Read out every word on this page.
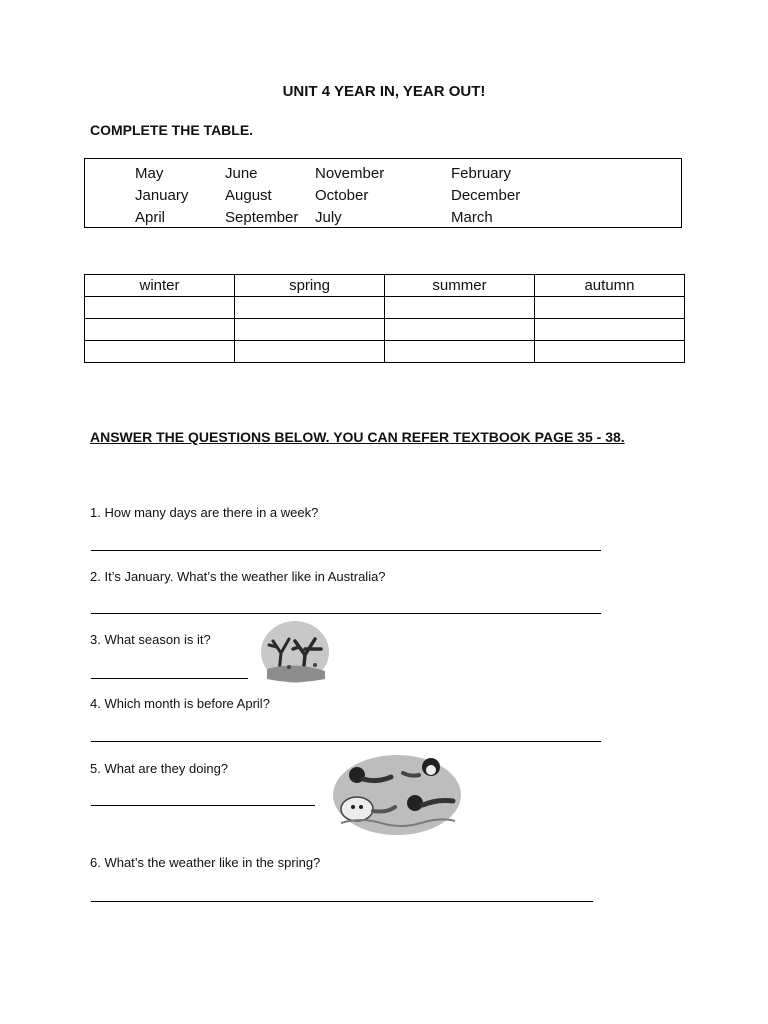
UNIT 4 YEAR IN, YEAR OUT!
COMPLETE THE TABLE.
May	June	November	February
January	August	October	December
April	September	July	March
winter	spring	summer	autumn

ANSWER THE QUESTIONS BELOW. YOU CAN REFER TEXTBOOK PAGE 35 - 38.
1. How many days are there in a week?
2. It’s January. What’s the weather like in Australia?
3. What season is it?
4. Which month is before April?
5. What are they doing?
6. What’s the weather like in the spring?
